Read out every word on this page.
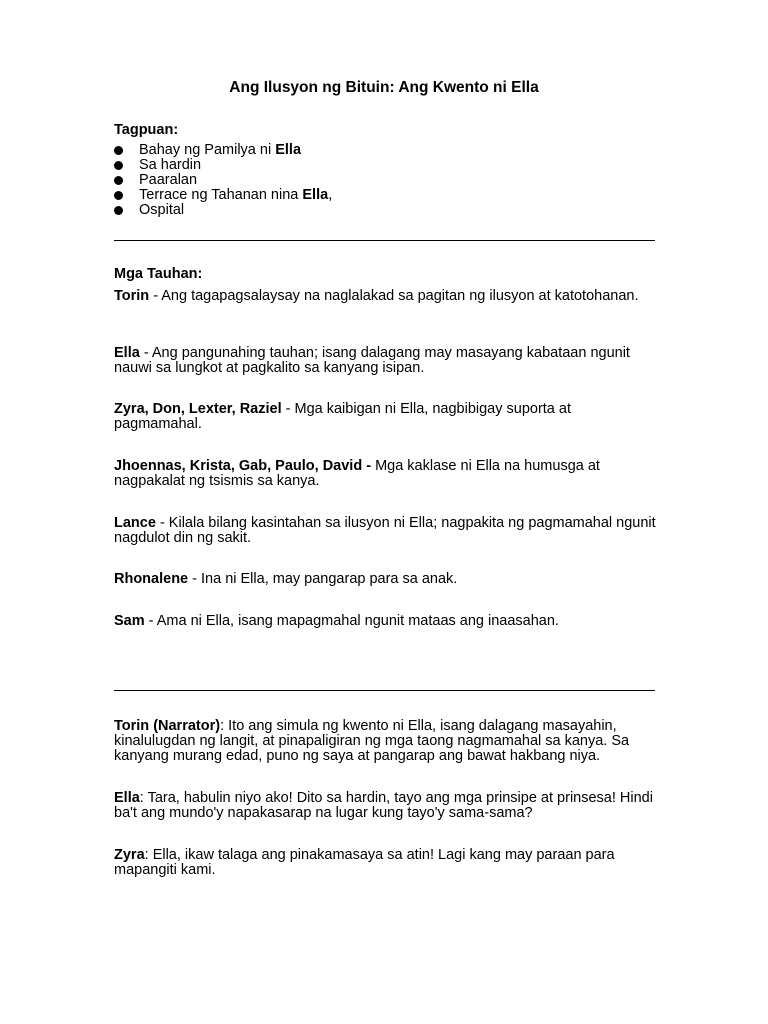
Ang Ilusyon ng Bituin: Ang Kwento ni Ella
Tagpuan:
Bahay ng Pamilya ni Ella
Sa hardin
Paaralan
Terrace ng Tahanan nina Ella,
Ospital
Mga Tauhan:
Torin - Ang tagapagsalaysay na naglalakad sa pagitan ng ilusyon at katotohanan.
Ella - Ang pangunahing tauhan; isang dalagang may masayang kabataan ngunit nauwi sa lungkot at pagkalito sa kanyang isipan.
Zyra, Don, Lexter, Raziel - Mga kaibigan ni Ella, nagbibigay suporta at pagmamahal.
Jhoennas, Krista, Gab, Paulo, David - Mga kaklase ni Ella na humusga at nagpakalat ng tsismis sa kanya.
Lance - Kilala bilang kasintahan sa ilusyon ni Ella; nagpakita ng pagmamahal ngunit nagdulot din ng sakit.
Rhonalene - Ina ni Ella, may pangarap para sa anak.
Sam - Ama ni Ella, isang mapagmahal ngunit mataas ang inaasahan.
Torin (Narrator): Ito ang simula ng kwento ni Ella, isang dalagang masayahin, kinalulugdan ng langit, at pinapaligiran ng mga taong nagmamahal sa kanya. Sa kanyang murang edad, puno ng saya at pangarap ang bawat hakbang niya.
Ella: Tara, habulin niyo ako! Dito sa hardin, tayo ang mga prinsipe at prinsesa! Hindi ba't ang mundo'y napakasarap na lugar kung tayo'y sama-sama?
Zyra: Ella, ikaw talaga ang pinakamasaya sa atin! Lagi kang may paraan para mapangiti kami.
